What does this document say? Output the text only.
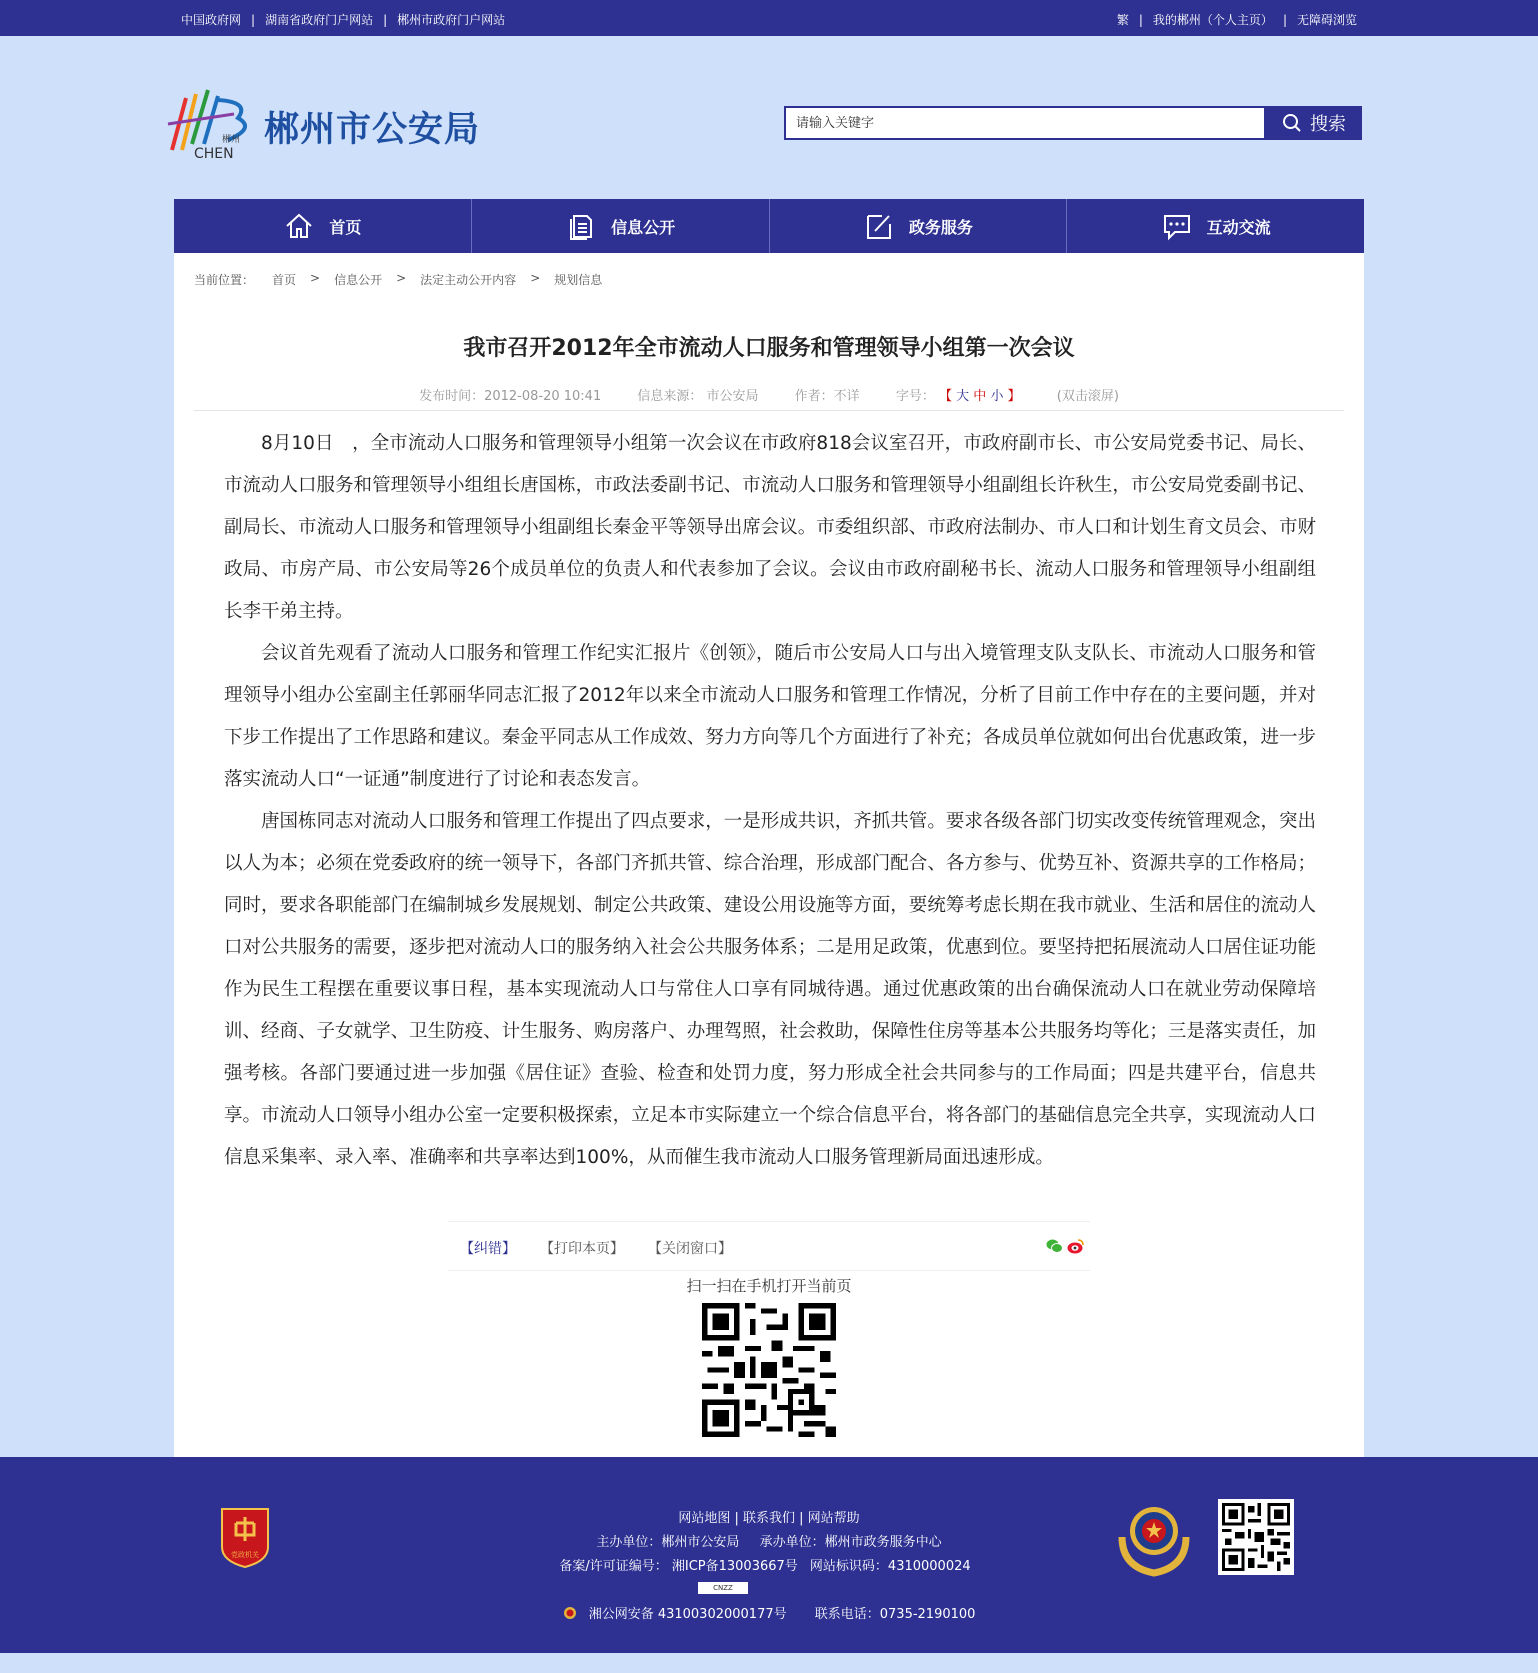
中国政府网 | 湖南省政府门户网站 | 郴州市政府门户网站	繁 | 我的郴州（个人主页） | 无障碍浏览
郴州
CHEN
郴州市公安局
请输入关键字	搜索
首页	信息公开	政务服务	互动交流
当前位置： 首页 > 信息公开 > 法定主动公开内容 > 规划信息
我市召开2012年全市流动人口服务和管理领导小组第一次会议
发布时间：2012-08-20 10:41	信息来源： 市公安局	作者：不详	字号： 【 大 中 小 】	(双击滚屏)

8月10日　，全市流动人口服务和管理领导小组第一次会议在市政府818会议室召开，市政府副市长、市公安局党委书记、局长、市流动人口服务和管理领导小组组长唐国栋，市政法委副书记、市流动人口服务和管理领导小组副组长许秋生，市公安局党委副书记、副局长、市流动人口服务和管理领导小组副组长秦金平等领导出席会议。市委组织部、市政府法制办、市人口和计划生育文员会、市财政局、市房产局、市公安局等26个成员单位的负责人和代表参加了会议。会议由市政府副秘书长、流动人口服务和管理领导小组副组长李干弟主持。

会议首先观看了流动人口服务和管理工作纪实汇报片《创领》，随后市公安局人口与出入境管理支队支队长、市流动人口服务和管理领导小组办公室副主任郭丽华同志汇报了2012年以来全市流动人口服务和管理工作情况，分析了目前工作中存在的主要问题，并对下步工作提出了工作思路和建议。秦金平同志从工作成效、努力方向等几个方面进行了补充；各成员单位就如何出台优惠政策，进一步落实流动人口“一证通”制度进行了讨论和表态发言。

唐国栋同志对流动人口服务和管理工作提出了四点要求，一是形成共识，齐抓共管。要求各级各部门切实改变传统管理观念，突出以人为本；必须在党委政府的统一领导下，各部门齐抓共管、综合治理，形成部门配合、各方参与、优势互补、资源共享的工作格局；同时，要求各职能部门在编制城乡发展规划、制定公共政策、建设公用设施等方面，要统筹考虑长期在我市就业、生活和居住的流动人口对公共服务的需要，逐步把对流动人口的服务纳入社会公共服务体系；二是用足政策，优惠到位。要坚持把拓展流动人口居住证功能作为民生工程摆在重要议事日程，基本实现流动人口与常住人口享有同城待遇。通过优惠政策的出台确保流动人口在就业劳动保障培训、经商、子女就学、卫生防疫、计生服务、购房落户、办理驾照，社会救助，保障性住房等基本公共服务均等化；三是落实责任，加强考核。各部门要通过进一步加强《居住证》查验、检查和处罚力度，努力形成全社会共同参与的工作局面；四是共建平台，信息共享。市流动人口领导小组办公室一定要积极探索，立足本市实际建立一个综合信息平台，将各部门的基础信息完全共享，实现流动人口信息采集率、录入率、准确率和共享率达到100%，从而催生我市流动人口服务管理新局面迅速形成。

【纠错】 【打印本页】 【关闭窗口】
扫一扫在手机打开当前页
党政机关
网站地图 | 联系我们 | 网站帮助
主办单位：郴州市公安局 承办单位：郴州市政务服务中心
备案/许可证编号： 湘ICP备13003667号 网站标识码：4310000024
CNZZ
湘公网安备 43100302000177号 联系电话：0735-2190100
